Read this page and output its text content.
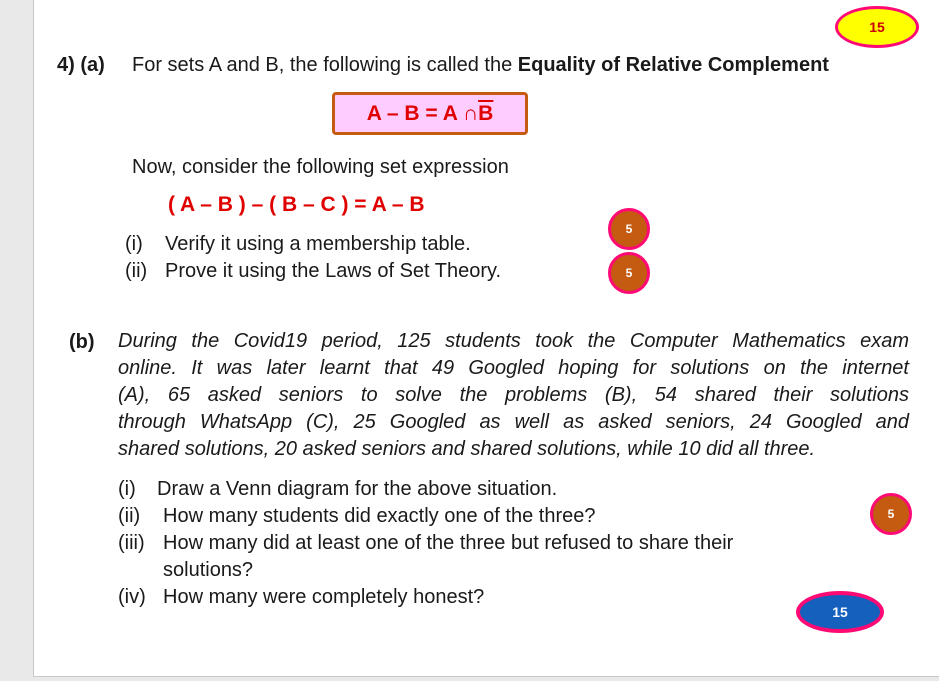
15
5
5
5
15
4) (a) For sets A and B, the following is called the Equality of Relative Complement
A – B = A ∩ $\overline{B}$
Now, consider the following set expression
( A – B ) – ( B – C ) = A – B
(i) Verify it using a membership table.
(ii) Prove it using the Laws of Set Theory.
(b) During the Covid19 period, 125 students took the Computer Mathematics exam
online. It was later learnt that 49 Googled hoping for solutions on the internet
(A), 65 asked seniors to solve the problems (B), 54 shared their solutions
through WhatsApp (C), 25 Googled as well as asked seniors, 24 Googled and
shared solutions, 20 asked seniors and shared solutions, while 10 did all three.
(i) Draw a Venn diagram for the above situation.
(ii) How many students did exactly one of the three?
(iii) How many did at least one of the three but refused to share their
solutions?
(iv) How many were completely honest?
